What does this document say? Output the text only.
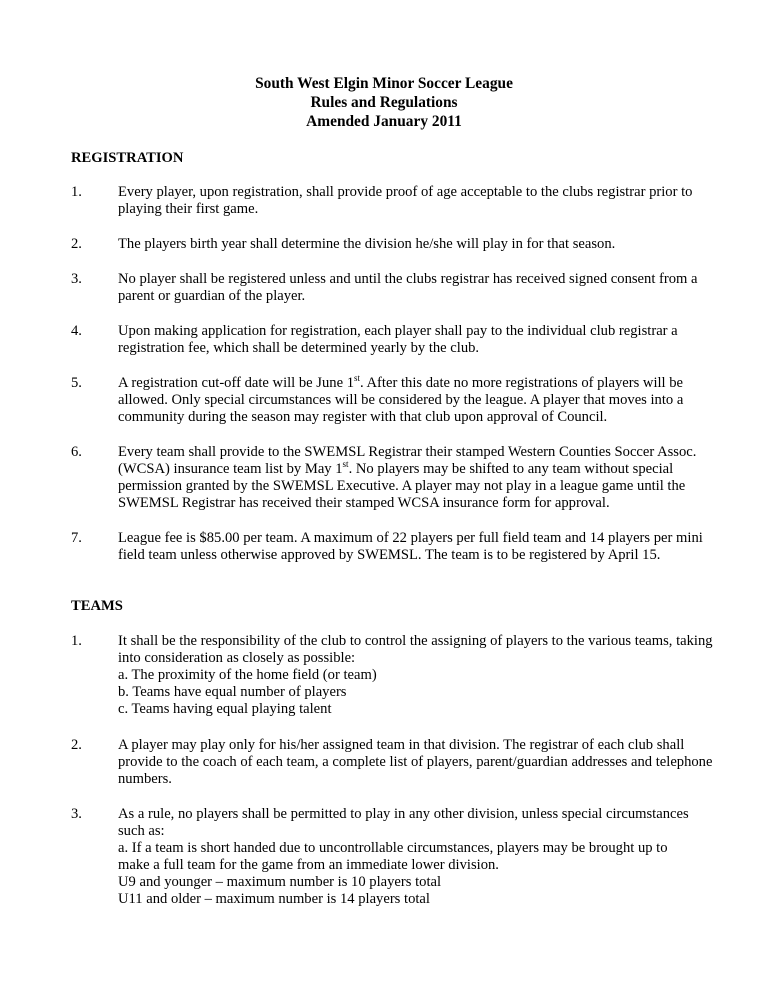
South West Elgin Minor Soccer League
Rules and Regulations
Amended January 2011
REGISTRATION
1. Every player, upon registration, shall provide proof of age acceptable to the clubs registrar prior to playing their first game.

2. The players birth year shall determine the division he/she will play in for that season.

3. No player shall be registered unless and until the clubs registrar has received signed consent from a parent or guardian of the player.

4. Upon making application for registration, each player shall pay to the individual club registrar a registration fee, which shall be determined yearly by the club.

5. A registration cut-off date will be June 1st. After this date no more registrations of players will be allowed. Only special circumstances will be considered by the league. A player that moves into a community during the season may register with that club upon approval of Council.

6. Every team shall provide to the SWEMSL Registrar their stamped Western Counties Soccer Assoc. (WCSA) insurance team list by May 1st. No players may be shifted to any team without special permission granted by the SWEMSL Executive. A player may not play in a league game until the SWEMSL Registrar has received their stamped WCSA insurance form for approval.

7. League fee is $85.00 per team. A maximum of 22 players per full field team and 14 players per mini field team unless otherwise approved by SWEMSL. The team is to be registered by April 15.

TEAMS
1. It shall be the responsibility of the club to control the assigning of players to the various teams, taking into consideration as closely as possible:

a. The proximity of the home field (or team)

b. Teams have equal number of players

c. Teams having equal playing talent

2. A player may play only for his/her assigned team in that division. The registrar of each club shall provide to the coach of each team, a complete list of players, parent/guardian addresses and telephone numbers.

3. As a rule, no players shall be permitted to play in any other division, unless special circumstances such as:

a. If a team is short handed due to uncontrollable circumstances, players may be brought up to

make a full team for the game from an immediate lower division.

U9 and younger – maximum number is 10 players total

U11 and older – maximum number is 14 players total
